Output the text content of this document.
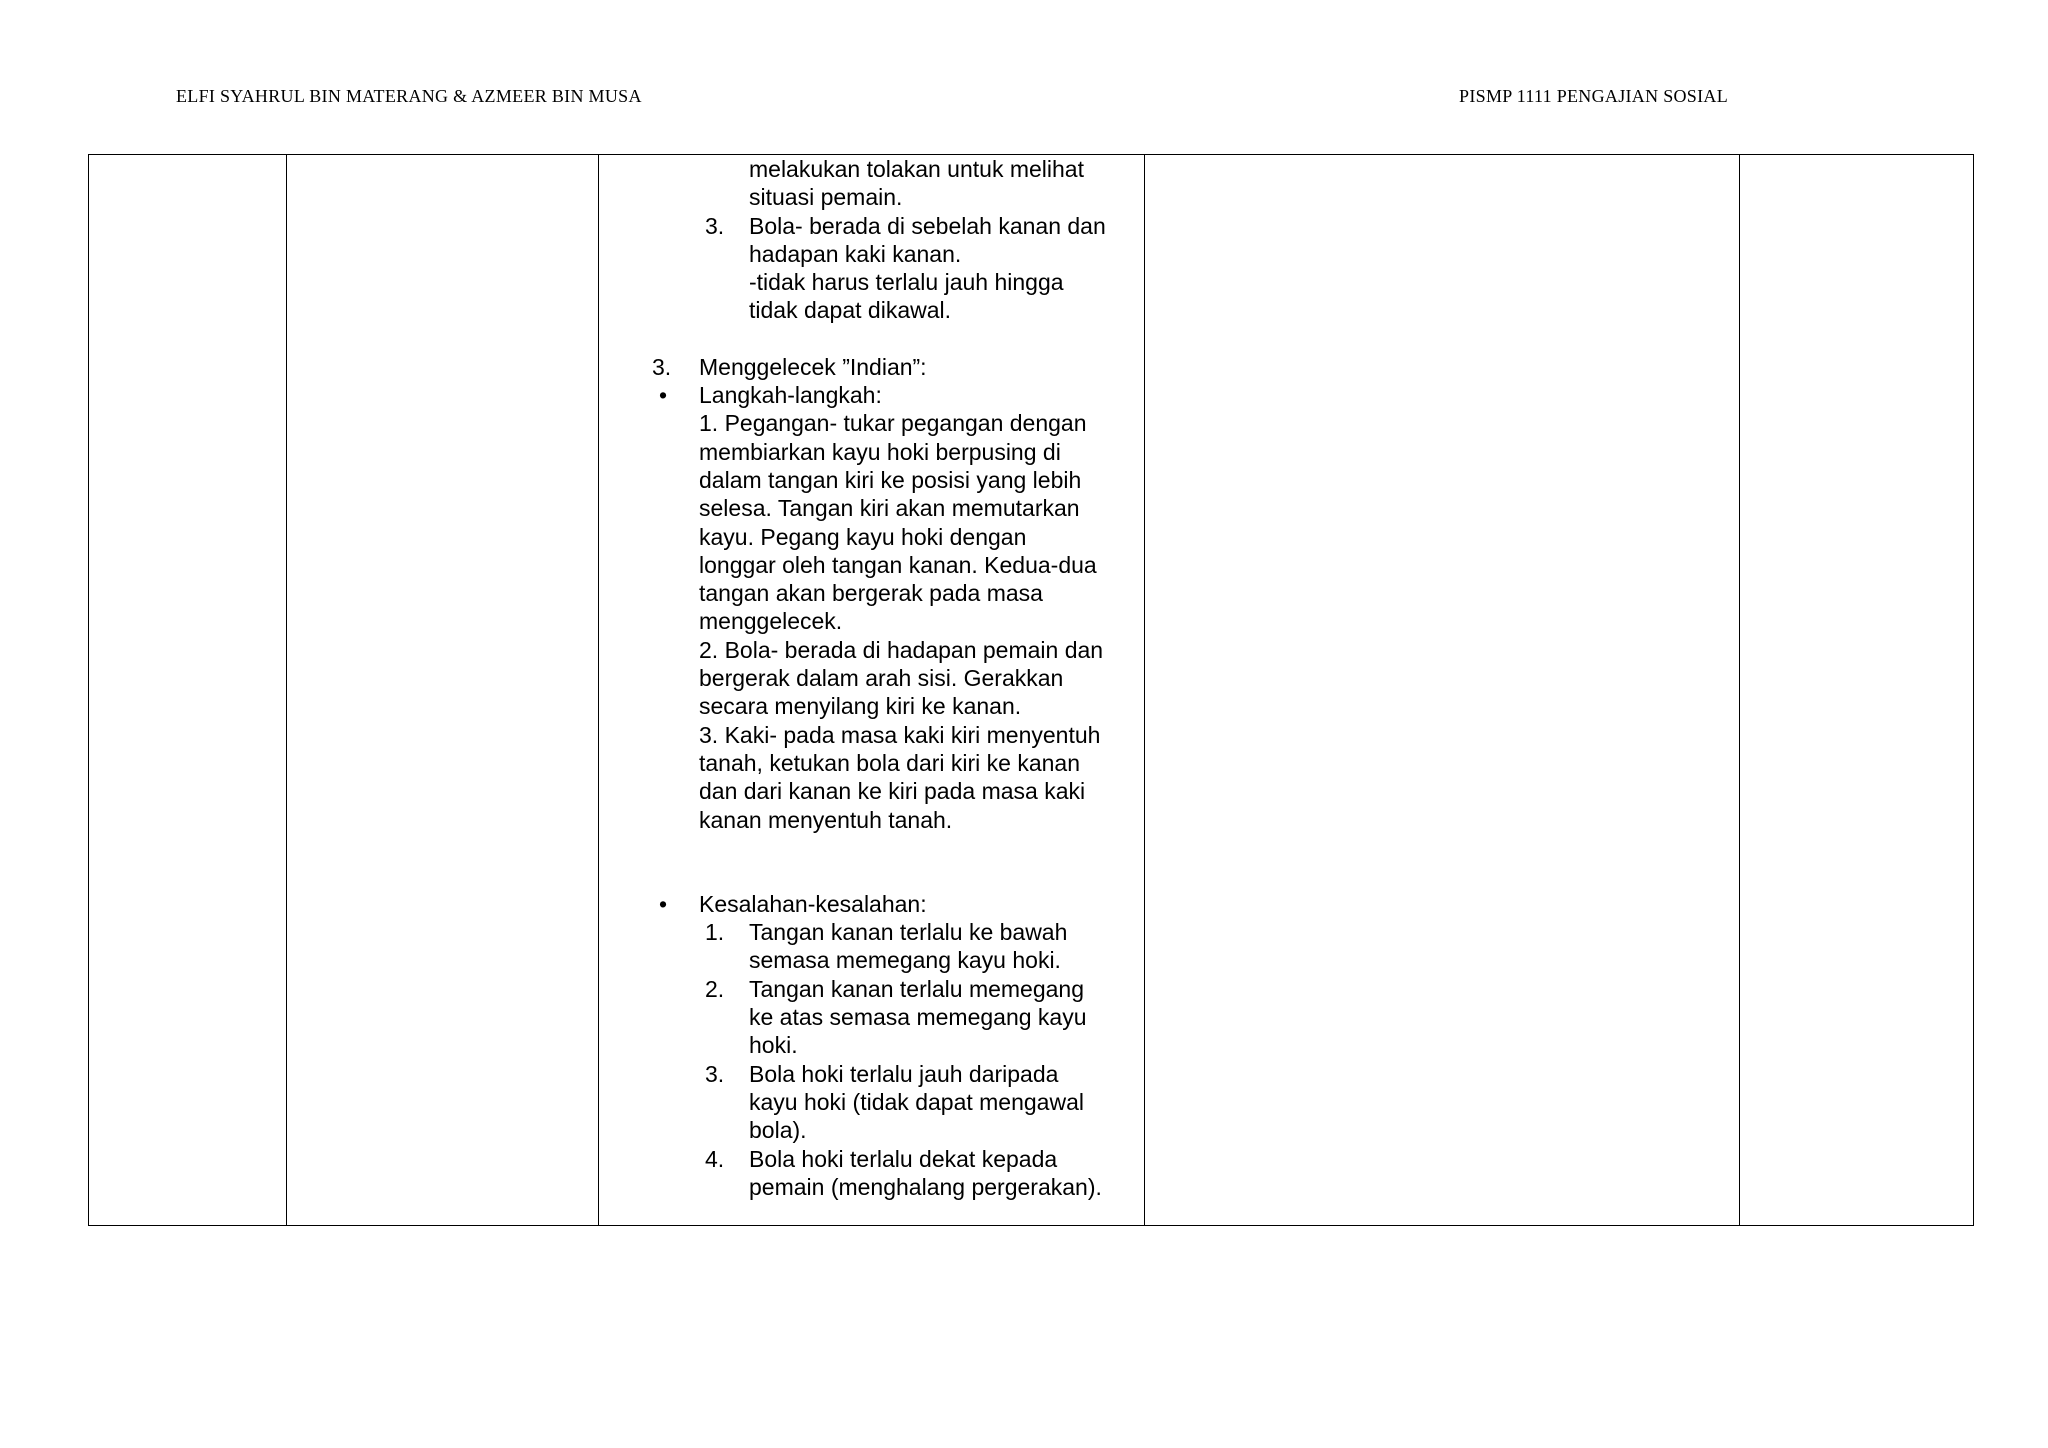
ELFI SYAHRUL BIN MATERANG & AZMEER BIN MUSA	PISMP 1111 PENGAJIAN SOSIAL

melakukan tolakan untuk melihat
situasi pemain.
3. Bola- berada di sebelah kanan dan
hadapan kaki kanan.
-tidak harus terlalu jauh hingga
tidak dapat dikawal.
3. Menggelecek ”Indian”:
• Langkah-langkah:
1. Pegangan- tukar pegangan dengan
membiarkan kayu hoki berpusing di
dalam tangan kiri ke posisi yang lebih
selesa. Tangan kiri akan memutarkan
kayu. Pegang kayu hoki dengan
longgar oleh tangan kanan. Kedua-dua
tangan akan bergerak pada masa
menggelecek.
2. Bola- berada di hadapan pemain dan
bergerak dalam arah sisi. Gerakkan
secara menyilang kiri ke kanan.
3. Kaki- pada masa kaki kiri menyentuh
tanah, ketukan bola dari kiri ke kanan
dan dari kanan ke kiri pada masa kaki
kanan menyentuh tanah.
• Kesalahan-kesalahan:
1. Tangan kanan terlalu ke bawah
semasa memegang kayu hoki.
2. Tangan kanan terlalu memegang
ke atas semasa memegang kayu
hoki.
3. Bola hoki terlalu jauh daripada
kayu hoki (tidak dapat mengawal
bola).
4. Bola hoki terlalu dekat kepada
pemain (menghalang pergerakan).
